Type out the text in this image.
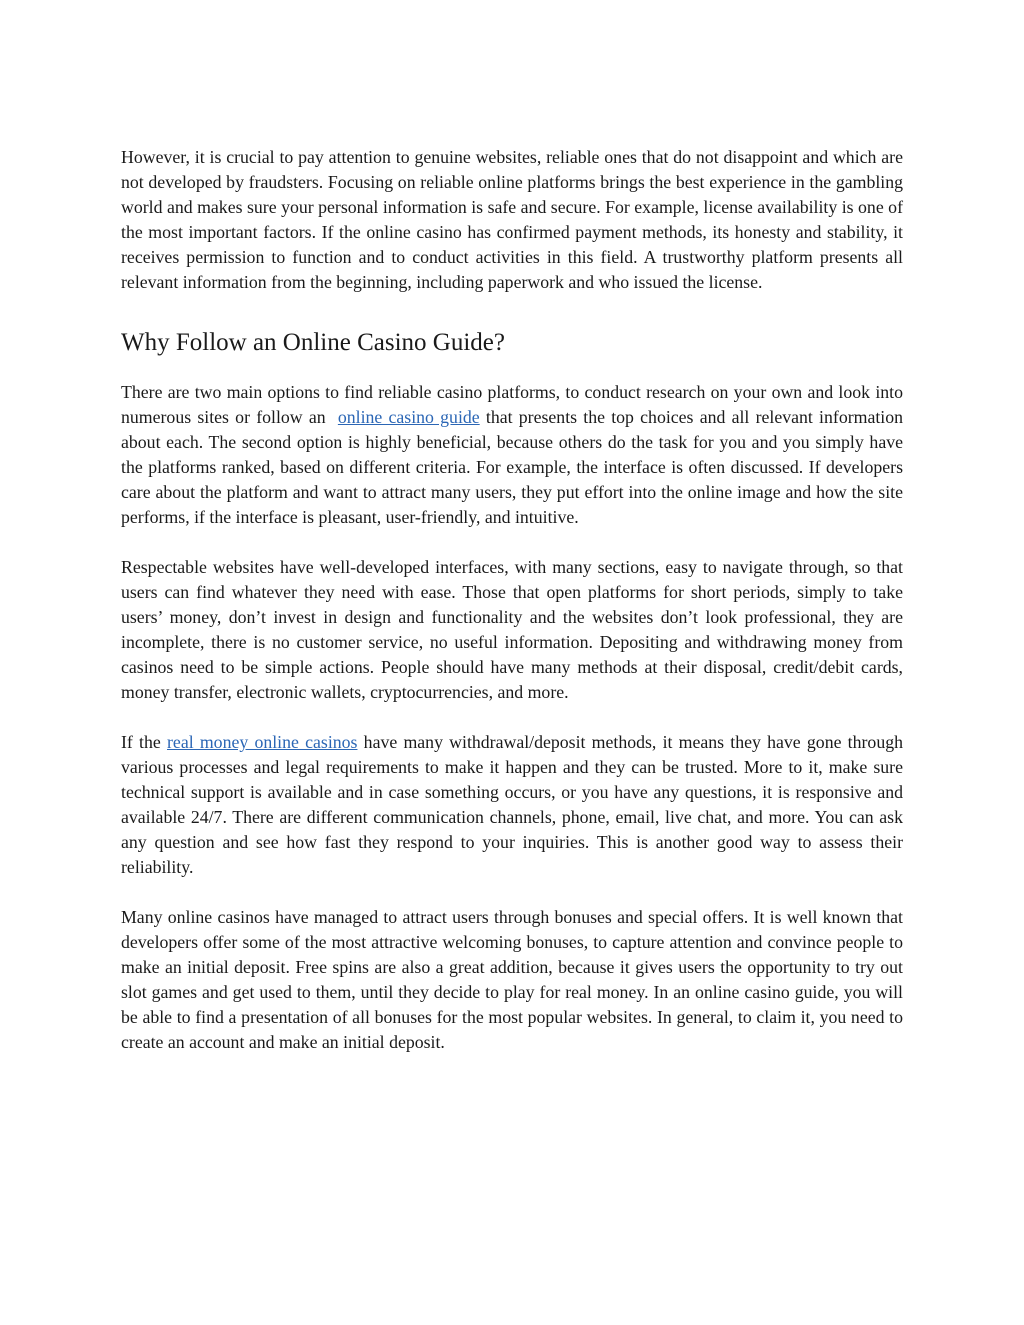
However, it is crucial to pay attention to genuine websites, reliable ones that do not disappoint and which are not developed by fraudsters. Focusing on reliable online platforms brings the best experience in the gambling world and makes sure your personal information is safe and secure. For example, license availability is one of the most important factors. If the online casino has confirmed payment methods, its honesty and stability, it receives permission to function and to conduct activities in this field. A trustworthy platform presents all relevant information from the beginning, including paperwork and who issued the license.

Why Follow an Online Casino Guide?

There are two main options to find reliable casino platforms, to conduct research on your own and look into numerous sites or follow an online casino guide that presents the top choices and all relevant information about each. The second option is highly beneficial, because others do the task for you and you simply have the platforms ranked, based on different criteria. For example, the interface is often discussed. If developers care about the platform and want to attract many users, they put effort into the online image and how the site performs, if the interface is pleasant, user-friendly, and intuitive.

Respectable websites have well-developed interfaces, with many sections, easy to navigate through, so that users can find whatever they need with ease. Those that open platforms for short periods, simply to take users’ money, don’t invest in design and functionality and the websites don’t look professional, they are incomplete, there is no customer service, no useful information. Depositing and withdrawing money from casinos need to be simple actions. People should have many methods at their disposal, credit/debit cards, money transfer, electronic wallets, cryptocurrencies, and more.

If the real money online casinos have many withdrawal/deposit methods, it means they have gone through various processes and legal requirements to make it happen and they can be trusted. More to it, make sure technical support is available and in case something occurs, or you have any questions, it is responsive and available 24/7. There are different communication channels, phone, email, live chat, and more. You can ask any question and see how fast they respond to your inquiries. This is another good way to assess their reliability.

Many online casinos have managed to attract users through bonuses and special offers. It is well known that developers offer some of the most attractive welcoming bonuses, to capture attention and convince people to make an initial deposit. Free spins are also a great addition, because it gives users the opportunity to try out slot games and get used to them, until they decide to play for real money. In an online casino guide, you will be able to find a presentation of all bonuses for the most popular websites. In general, to claim it, you need to create an account and make an initial deposit.
